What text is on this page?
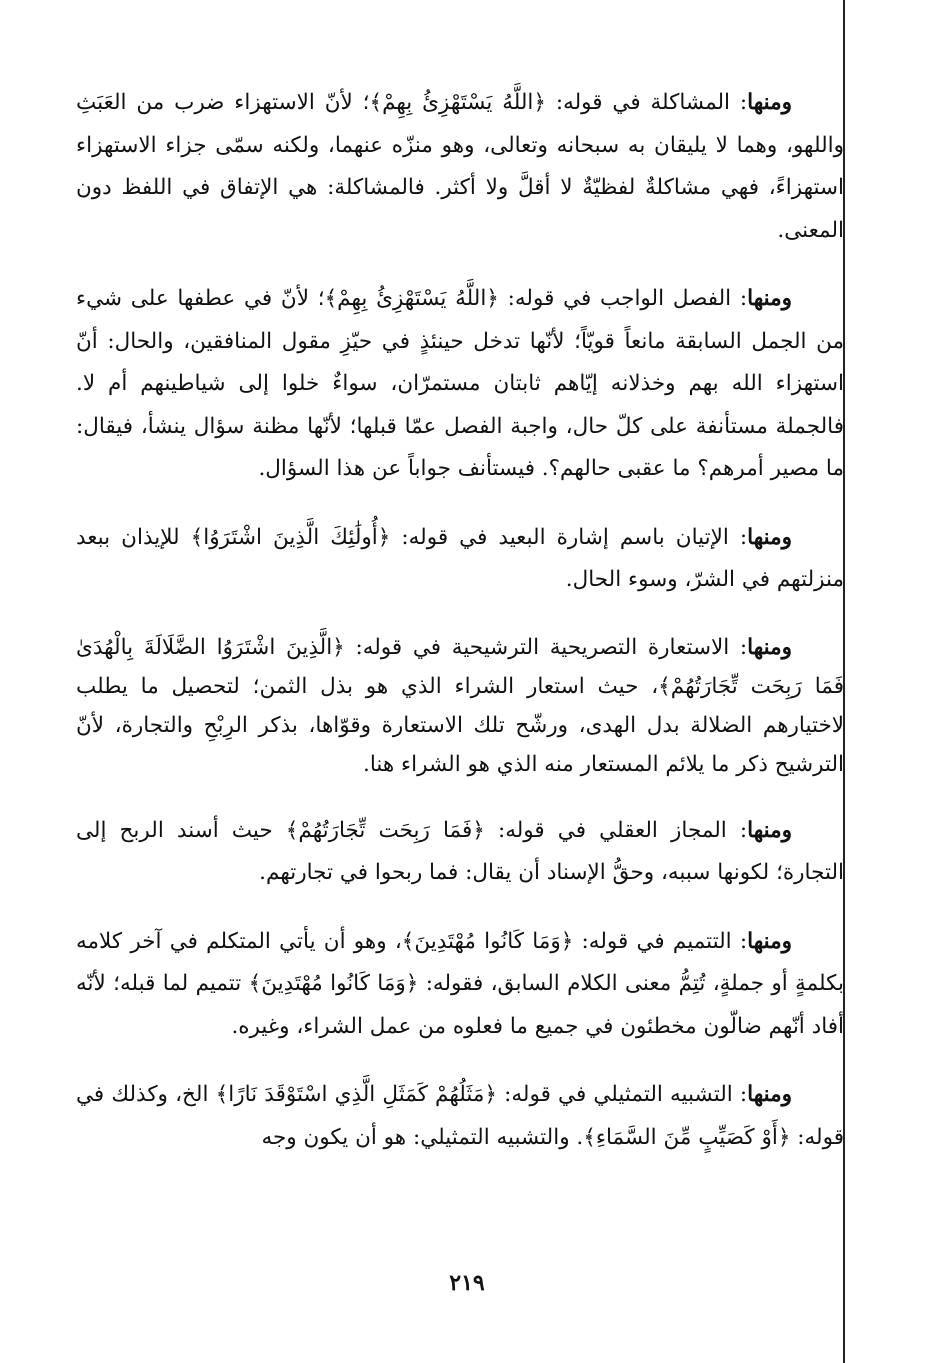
ومنها: المشاكلة في قوله: ﴿اللَّهُ يَسْتَهْزِئُ بِهِمْ﴾؛ لأنّ الاستهزاء ضرب من العَبَثِ واللهو، وهما لا يليقان به سبحانه وتعالى، وهو منزّه عنهما، ولكنه سمّى جزاء الاستهزاء استهزاءً، فهي مشاكلةٌ لفظيّةٌ لا أقلَّ ولا أكثر. فالمشاكلة: هي الإتفاق في اللفظ دون المعنى.

ومنها: الفصل الواجب في قوله: ﴿اللَّهُ يَسْتَهْزِئُ بِهِمْ﴾؛ لأنّ في عطفها على شيء من الجمل السابقة مانعاً قويّاً؛ لأنّها تدخل حينئذٍ في حيّزِ مقول المنافقين، والحال: أنّ استهزاء الله بهم وخذلانه إيّاهم ثابتان مستمرّان، سواءٌ خلوا إلى شياطينهم أم لا. فالجملة مستأنفة على كلّ حال، واجبة الفصل عمّا قبلها؛ لأنّها مظنة سؤال ينشأ، فيقال: ما مصير أمرهم؟ ما عقبى حالهم؟. فيستأنف جواباً عن هذا السؤال.

ومنها: الإتيان باسم إشارة البعيد في قوله: ﴿أُولَٰئِكَ الَّذِينَ اشْتَرَوُا﴾ للإيذان ببعد منزلتهم في الشرّ، وسوء الحال.

ومنها: الاستعارة التصريحية الترشيحية في قوله: ﴿الَّذِينَ اشْتَرَوُا الضَّلَالَةَ بِالْهُدَىٰ فَمَا رَبِحَت تِّجَارَتُهُمْ﴾، حيث استعار الشراء الذي هو بذل الثمن؛ لتحصيل ما يطلب لاختيارهم الضلالة بدل الهدى، ورشّح تلك الاستعارة وقوّاها، بذكر الرِبْحِ والتجارة، لأنّ الترشيح ذكر ما يلائم المستعار منه الذي هو الشراء هنا.

ومنها: المجاز العقلي في قوله: ﴿فَمَا رَبِحَت تِّجَارَتُهُمْ﴾ حيث أسند الربح إلى التجارة؛ لكونها سببه، وحقُّ الإسناد أن يقال: فما ربحوا في تجارتهم.

ومنها: التتميم في قوله: ﴿وَمَا كَانُوا مُهْتَدِينَ﴾، وهو أن يأتي المتكلم في آخر كلامه بكلمةٍ أو جملةٍ، تُتِمُّ معنى الكلام السابق، فقوله: ﴿وَمَا كَانُوا مُهْتَدِينَ﴾ تتميم لما قبله؛ لأنّه أفاد أنّهم ضالّون مخطئون في جميع ما فعلوه من عمل الشراء، وغيره.

ومنها: التشبيه التمثيلي في قوله: ﴿مَثَلُهُمْ كَمَثَلِ الَّذِي اسْتَوْقَدَ نَارًا﴾ الخ، وكذلك في قوله: ﴿أَوْ كَصَيِّبٍ مِّنَ السَّمَاءِ﴾. والتشبيه التمثيلي: هو أن يكون وجه

٢١٩
